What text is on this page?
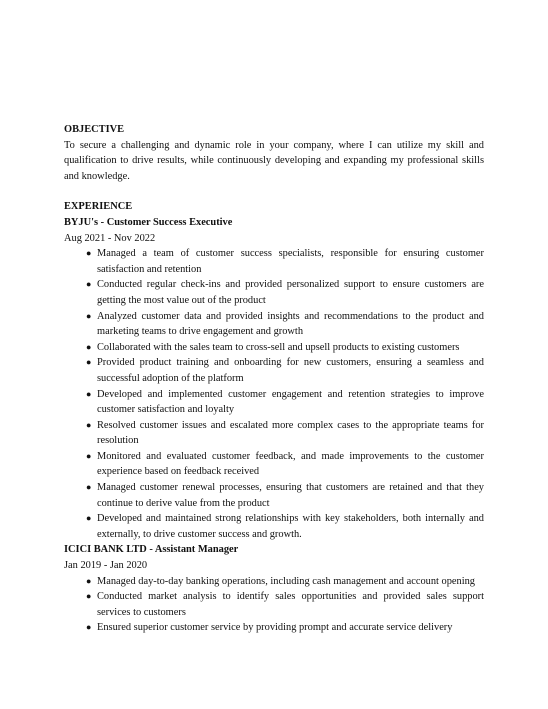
OBJECTIVE

To secure a challenging and dynamic role in your company, where I can utilize my skill and qualification to drive results, while continuously developing and expanding my professional skills and knowledge.

EXPERIENCE

BYJU's - Customer Success Executive

Aug 2021 - Nov 2022

● Managed a team of customer success specialists, responsible for ensuring customer satisfaction and retention
● Conducted regular check-ins and provided personalized support to ensure customers are getting the most value out of the product
● Analyzed customer data and provided insights and recommendations to the product and marketing teams to drive engagement and growth
● Collaborated with the sales team to cross-sell and upsell products to existing customers
● Provided product training and onboarding for new customers, ensuring a seamless and successful adoption of the platform
● Developed and implemented customer engagement and retention strategies to improve customer satisfaction and loyalty
● Resolved customer issues and escalated more complex cases to the appropriate teams for resolution
● Monitored and evaluated customer feedback, and made improvements to the customer experience based on feedback received
● Managed customer renewal processes, ensuring that customers are retained and that they continue to derive value from the product
● Developed and maintained strong relationships with key stakeholders, both internally and externally, to drive customer success and growth.

ICICI BANK LTD - Assistant Manager

Jan 2019 - Jan 2020

● Managed day-to-day banking operations, including cash management and account opening
● Conducted market analysis to identify sales opportunities and provided sales support services to customers
● Ensured superior customer service by providing prompt and accurate service delivery
